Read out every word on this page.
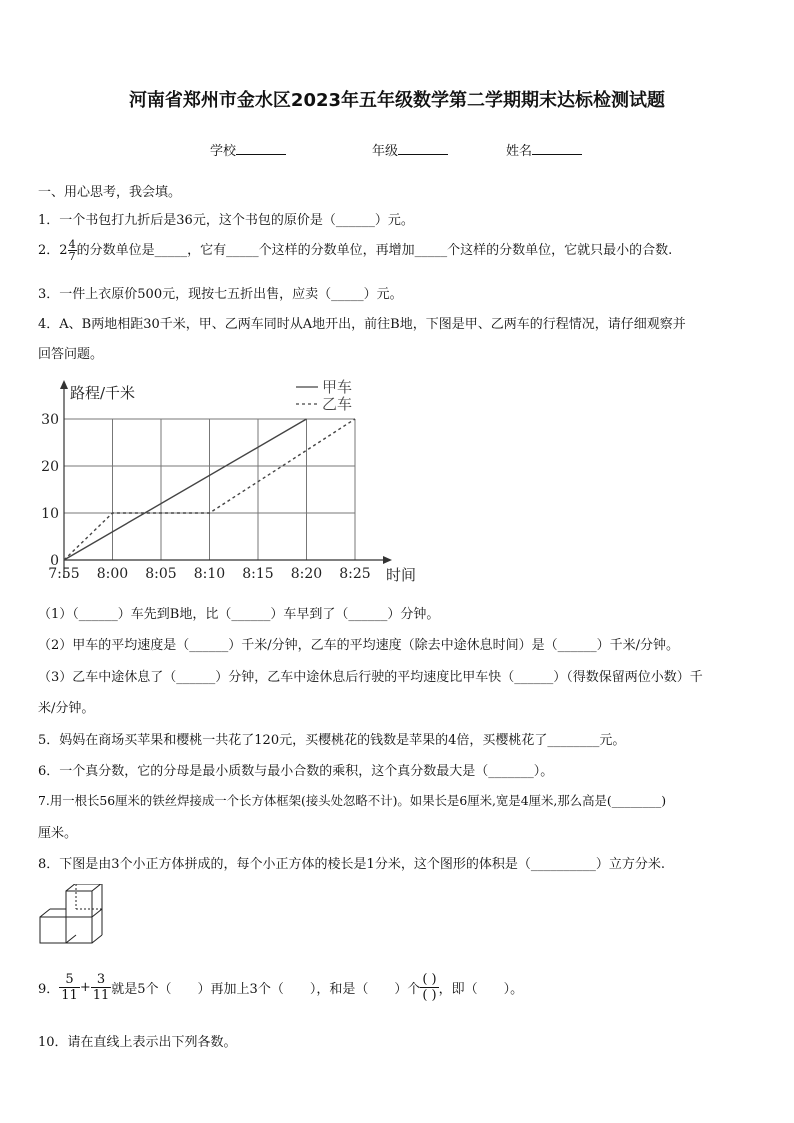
河南省郑州市金水区2023年五年级数学第二学期期末达标检测试题
学校	年级	姓名
一、用心思考，我会填。
1．一个书包打九折后是36元，这个书包的原价是（______）元。
2．$2 \frac{4}{7}$ 的分数单位是_____，它有_____个这样的分数单位，再增加_____个这样的分数单位，它就只最小的合数.
3．一件上衣原价500元，现按七五折出售，应卖（_____）元。
4．A、B两地相距30千米，甲、乙两车同时从A地开出，前往B地，下图是甲、乙两车的行程情况，请仔细观察并
回答问题。
路程/千米
时间
0
10
20
30
7:55 8:00 8:05 8:10 8:15 8:20 8:25
甲车
乙车
（1）（______）车先到B地，比（______）车早到了（______）分钟。
（2）甲车的平均速度是（______）千米/分钟，乙车的平均速度（除去中途休息时间）是（______）千米/分钟。
（3）乙车中途休息了（______）分钟，乙车中途休息后行驶的平均速度比甲车快（______）（得数保留两位小数）千
米/分钟。
5．妈妈在商场买苹果和樱桃一共花了120元，买樱桃花的钱数是苹果的4倍，买樱桃花了________元。
6．一个真分数，它的分母是最小质数与最小合数的乘积，这个真分数最大是（_______）。
7.用一根长56厘米的铁丝焊接成一个长方体框架(接头处忽略不计)。如果长是6厘米,宽是4厘米,那么高是(________)
厘米。
8．下图是由3个小正方体拼成的，每个小正方体的棱长是1分米，这个图形的体积是（__________）立方分米.
9． $\frac{5}{11} + \frac{3}{11}$ 就是5个（　　）再加上3个（　　），和是（　　）个
( )
( ) ，即（　　）。
10．请在直线上表示出下列各数。
